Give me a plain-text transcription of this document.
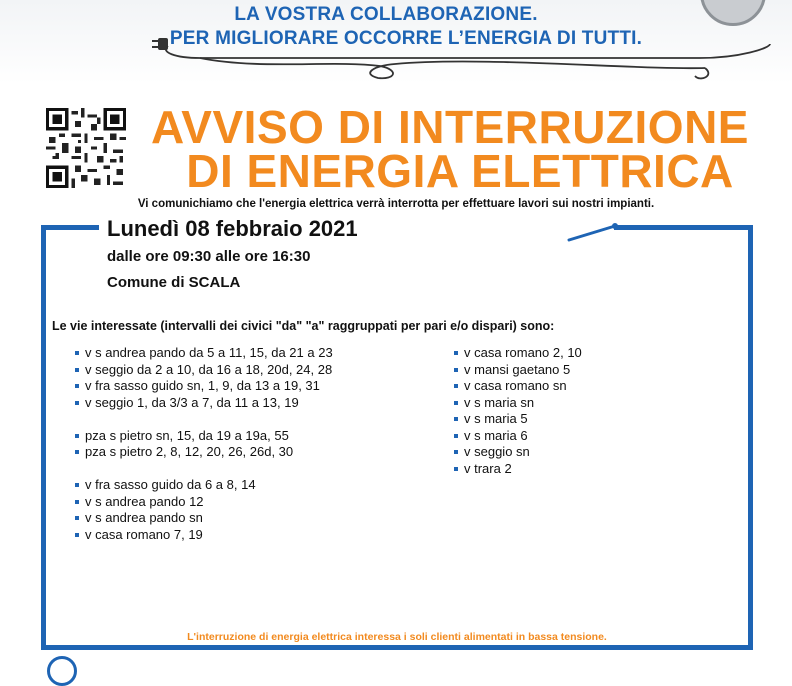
LA VOSTRA COLLABORAZIONE.
PER MIGLIORARE OCCORRE L’ENERGIA DI TUTTI.
AVVISO DI INTERRUZIONE
DI ENERGIA ELETTRICA
Vi comunichiamo che l'energia elettrica verrà interrotta per effettuare lavori sui nostri impianti.
Lunedì 08 febbraio 2021
dalle ore 09:30 alle ore 16:30
Comune di SCALA
Le vie interessate (intervalli dei civici "da" "a" raggruppati per pari e/o dispari) sono:
v s andrea pando da 5 a 11, 15, da 21 a 23
v seggio da 2 a 10, da 16 a 18, 20d, 24, 28
v fra sasso guido sn, 1, 9, da 13 a 19, 31
v seggio 1, da 3/3 a 7, da 11 a 13, 19
pza s pietro sn, 15, da 19 a 19a, 55
pza s pietro 2, 8, 12, 20, 26, 26d, 30
v fra sasso guido da 6 a 8, 14
v s andrea pando 12
v s andrea pando sn
v casa romano 7, 19
v casa romano 2, 10
v mansi gaetano 5
v casa romano sn
v s maria sn
v s maria 5
v s maria 6
v seggio sn
v trara 2
L'interruzione di energia elettrica interessa i soli clienti alimentati in bassa tensione.
